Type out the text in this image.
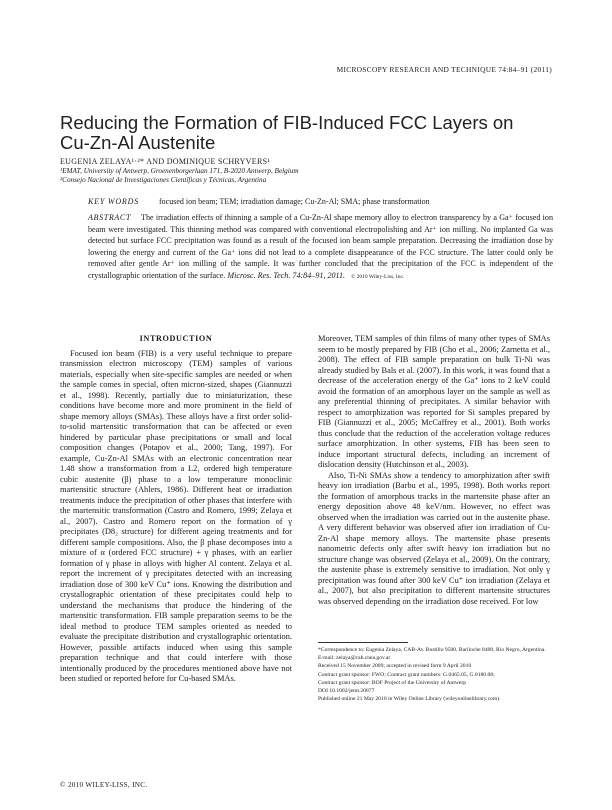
MICROSCOPY RESEARCH AND TECHNIQUE 74:84–91 (2011)
Reducing the Formation of FIB-Induced FCC Layers on
Cu-Zn-Al Austenite
EUGENIA ZELAYA¹·²* AND DOMINIQUE SCHRYVERS¹
¹EMAT, University of Antwerp, Groenenborgerlaan 171, B-2020 Antwerp, Belgium
²Consejo Nacional de Investigaciones Científicas y Técnicas, Argentina
KEY WORDS	focused ion beam; TEM; irradiation damage; Cu-Zn-Al; SMA; phase transformation

ABSTRACT The irradiation effects of thinning a sample of a Cu-Zn-Al shape memory alloy to electron transparency by a Ga⁺ focused ion beam were investigated. This thinning method was compared with conventional electropolishing and Ar⁺ ion milling. No implanted Ga was detected but surface FCC precipitation was found as a result of the focused ion beam sample preparation. Decreasing the irradiation dose by lowering the energy and current of the Ga⁺ ions did not lead to a complete disappearance of the FCC structure. The latter could only be removed after gentle Ar⁺ ion milling of the sample. It was further concluded that the precipitation of the FCC is independent of the crystallographic orientation of the surface. Microsc. Res. Tech. 74:84–91, 2011. © 2010 Wiley-Liss, Inc.

INTRODUCTION

Focused ion beam (FIB) is a very useful technique to prepare transmission electron microscopy (TEM) samples of various materials, especially when site-specific samples are needed or when the sample comes in special, often micron-sized, shapes (Giannuzzi et al., 1998). Recently, partially due to miniaturization, these conditions have become more and more prominent in the field of shape memory alloys (SMAs). These alloys have a first order solid-to-solid martensitic transformation that can be affected or even hindered by particular phase precipitations or small and local composition changes (Potapov et al., 2000; Tang, 1997). For example, Cu-Zn-Al SMAs with an electronic concentration near 1.48 show a transformation from a L2₁ ordered high temperature cubic austenite (β) phase to a low temperature monoclinic martensitic structure (Ahlers, 1986). Different heat or irradiation treatments induce the precipitation of other phases that interfere with the martensitic transformation (Castro and Romero, 1999; Zelaya et al., 2007). Castro and Romero report on the formation of γ precipitates (D8₂ structure) for different ageing treatments and for different sample compositions. Also, the β phase decomposes into a mixture of α (ordered FCC structure) + γ phases, with an earlier formation of γ phase in alloys with higher Al content. Zelaya et al. report the increment of γ precipitates detected with an increasing irradiation dose of 300 keV Cu⁺ ions. Knowing the distribution and crystallographic orientation of these precipitates could help to understand the mechanisms that produce the hindering of the martensitic transformation. FIB sample preparation seems to be the ideal method to produce TEM samples oriented as needed to evaluate the precipitate distribution and crystallographic orientation. However, possible artifacts induced when using this sample preparation technique and that could interfere with those intentionally produced by the procedures mentioned above have not been studied or reported before for Cu-based SMAs.

Moreover, TEM samples of thin films of many other types of SMAs seem to be mostly prepared by FIB (Cho et al., 2006; Zarnetta et al., 2008). The effect of FIB sample preparation on bulk Ti-Ni was already studied by Bals et al. (2007). In this work, it was found that a decrease of the acceleration energy of the Ga⁺ ions to 2 keV could avoid the formation of an amorphous layer on the sample as well as any preferential thinning of precipitates. A similar behavior with respect to amorphization was reported for Si samples prepared by FIB (Giannuzzi et al., 2005; McCaffrey et al., 2001). Both works thus conclude that the reduction of the acceleration voltage reduces surface amorphization. In other systems, FIB has been seen to induce important structural defects, including an increment of dislocation density (Hutchinson et al., 2003).

Also, Ti-Ni SMAs show a tendency to amorphization after swift heavy ion irradiation (Barbu et al., 1995, 1998). Both works report the formation of amorphous tracks in the martensite phase after an energy deposition above 48 keV/nm. However, no effect was observed when the irradiation was carried out in the austenite phase. A very different behavior was observed after ion irradiation of Cu-Zn-Al shape memory alloys. The martensite phase presents nanometric defects only after swift heavy ion irradiation but no structure change was observed (Zelaya et al., 2009). On the contrary, the austenite phase is extremely sensitive to irradiation. Not only γ precipitation was found after 300 keV Cu⁺ ion irradiation (Zelaya et al., 2007), but also precipitation to different martensite structures was observed depending on the irradiation dose received. For low

*Correspondence to: Eugenia Zelaya, CAB-Av. Bustillo 9500, Bariloche 8400, Río Negro, Argentina. E-mail: zelaya@cab.cnea.gov.ar
Received 15 November 2009; accepted in revised form 9 April 2010
Contract grant sponsor: FWO; Contract grant numbers: G.0465.05, G.0180.08;
Contract grant sponsor: BOF Project of the University of Antwerp
DOI 10.1002/jemt.20877
Published online 21 May 2010 in Wiley Online Library (wileyonlinelibrary.com).
© 2010 WILEY-LISS, INC.
